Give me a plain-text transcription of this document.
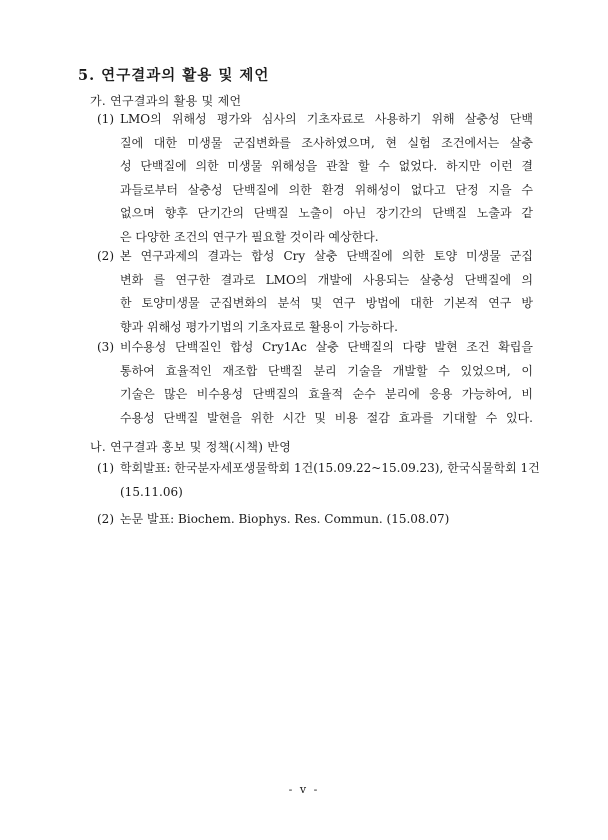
5. 연구결과의 활용 및 제언
가. 연구결과의 활용 및 제언
(1) LMO의 위해성 평가와 심사의 기초자료로 사용하기 위해 살충성 단백
질에 대한 미생물 군집변화를 조사하였으며, 현 실험 조건에서는 살충
성 단백질에 의한 미생물 위해성을 관찰 할 수 없었다. 하지만 이런 결
과들로부터 살충성 단백질에 의한 환경 위해성이 없다고 단정 지을 수
없으며 향후 단기간의 단백질 노출이 아닌 장기간의 단백질 노출과 같
은 다양한 조건의 연구가 필요할 것이라 예상한다.
(2) 본 연구과제의 결과는 합성 Cry 살충 단백질에 의한 토양 미생물 군집
변화 를 연구한 결과로 LMO의 개발에 사용되는 살충성 단백질에 의
한 토양미생물 군집변화의 분석 및 연구 방법에 대한 기본적 연구 방
향과 위해성 평가기법의 기초자료로 활용이 가능하다.
(3) 비수용성 단백질인 합성 Cry1Ac 살충 단백질의 다량 발현 조건 확립을
통하여 효율적인 재조합 단백질 분리 기술을 개발할 수 있었으며, 이
기술은 많은 비수용성 단백질의 효율적 순수 분리에 응용 가능하여, 비
수용성 단백질 발현을 위한 시간 및 비용 절감 효과를 기대할 수 있다.
나. 연구결과 홍보 및 정책(시책) 반영
(1) 학회발표: 한국분자세포생물학회 1건(15.09.22~15.09.23), 한국식물학회 1건
(15.11.06)
(2) 논문 발표: Biochem. Biophys. Res. Commun. (15.08.07)
- v -
